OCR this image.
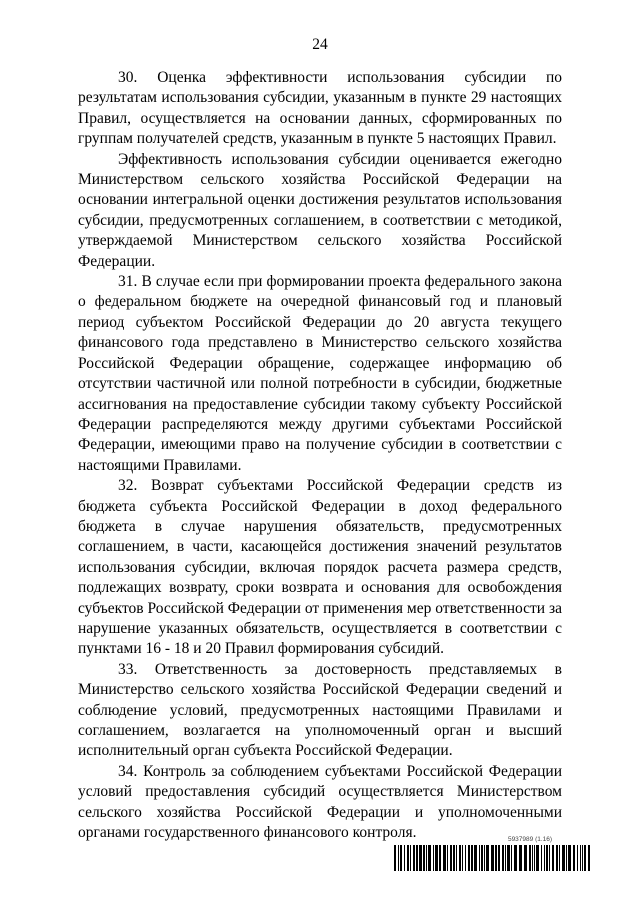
24

30. Оценка эффективности использования субсидии по результатам использования субсидии, указанным в пункте 29 настоящих Правил, осуществляется на основании данных, сформированных по группам получателей средств, указанным в пункте 5 настоящих Правил.

Эффективность использования субсидии оценивается ежегодно Министерством сельского хозяйства Российской Федерации на основании интегральной оценки достижения результатов использования субсидии, предусмотренных соглашением, в соответствии с методикой, утверждаемой Министерством сельского хозяйства Российской Федерации.

31. В случае если при формировании проекта федерального закона о федеральном бюджете на очередной финансовый год и плановый период субъектом Российской Федерации до 20 августа текущего финансового года представлено в Министерство сельского хозяйства Российской Федерации обращение, содержащее информацию об отсутствии частичной или полной потребности в субсидии, бюджетные ассигнования на предоставление субсидии такому субъекту Российской Федерации распределяются между другими субъектами Российской Федерации, имеющими право на получение субсидии в соответствии с настоящими Правилами.

32. Возврат субъектами Российской Федерации средств из бюджета субъекта Российской Федерации в доход федерального бюджета в случае нарушения обязательств, предусмотренных соглашением, в части, касающейся достижения значений результатов использования субсидии, включая порядок расчета размера средств, подлежащих возврату, сроки возврата и основания для освобождения субъектов Российской Федерации от применения мер ответственности за нарушение указанных обязательств, осуществляется в соответствии с пунктами 16 - 18 и 20 Правил формирования субсидий.

33. Ответственность за достоверность представляемых в Министерство сельского хозяйства Российской Федерации сведений и соблюдение условий, предусмотренных настоящими Правилами и соглашением, возлагается на уполномоченный орган и высший исполнительный орган субъекта Российской Федерации.

34. Контроль за соблюдением субъектами Российской Федерации условий предоставления субсидий осуществляется Министерством сельского хозяйства Российской Федерации и уполномоченными органами государственного финансового контроля.	5937989 (1.16)
